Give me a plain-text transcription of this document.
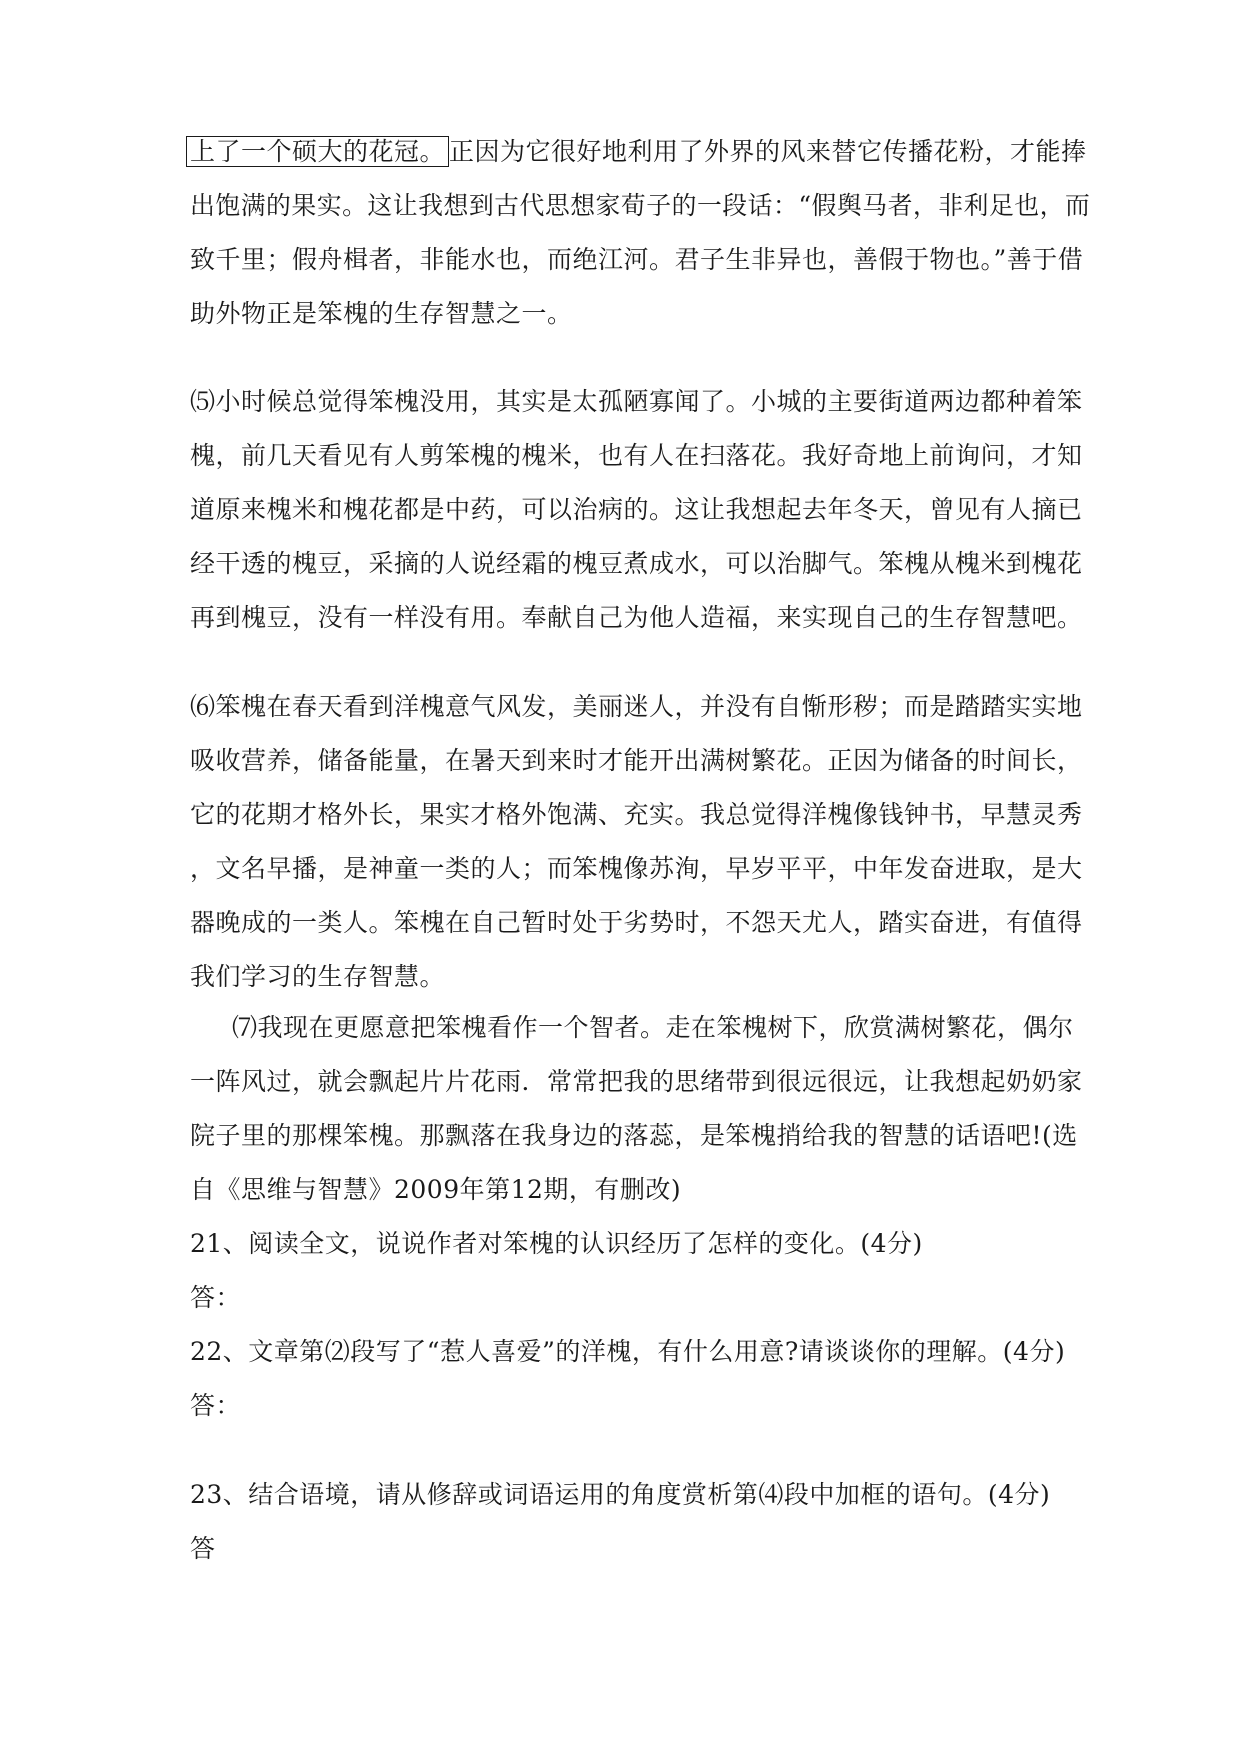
上了一个硕大的花冠。 正因为它很好地利用了外界的风来替它传播花粉，才能捧
出饱满的果实。这让我想到古代思想家荀子的一段话：“假舆马者，非利足也，而
致千里；假舟楫者，非能水也，而绝江河。君子生非异也，善假于物也。”善于借
助外物正是笨槐的生存智慧之一。
⑸小时候总觉得笨槐没用，其实是太孤陋寡闻了。小城的主要街道两边都种着笨
槐，前几天看见有人剪笨槐的槐米，也有人在扫落花。我好奇地上前询问，才知
道原来槐米和槐花都是中药，可以治病的。这让我想起去年冬天，曾见有人摘已
经干透的槐豆，采摘的人说经霜的槐豆煮成水，可以治脚气。笨槐从槐米到槐花
再到槐豆，没有一样没有用。奉献自己为他人造福，来实现自己的生存智慧吧。
⑹笨槐在春天看到洋槐意气风发，美丽迷人，并没有自惭形秽；而是踏踏实实地
吸收营养，储备能量，在暑天到来时才能开出满树繁花。正因为储备的时间长，
它的花期才格外长，果实才格外饱满、充实。我总觉得洋槐像钱钟书，早慧灵秀
，文名早播，是神童一类的人；而笨槐像苏洵，早岁平平，中年发奋进取，是大
器晚成的一类人。笨槐在自己暂时处于劣势时，不怨天尤人，踏实奋进，有值得
我们学习的生存智慧。
⑺我现在更愿意把笨槐看作一个智者。走在笨槐树下，欣赏满树繁花，偶尔
一阵风过，就会飘起片片花雨．常常把我的思绪带到很远很远，让我想起奶奶家
院子里的那棵笨槐。那飘落在我身边的落蕊，是笨槐捎给我的智慧的话语吧!(选
自《思维与智慧》2009年第12期，有删改)
21、阅读全文，说说作者对笨槐的认识经历了怎样的变化。(4分)
答：
22、文章第⑵段写了“惹人喜爱”的洋槐，有什么用意?请谈谈你的理解。(4分)
答：
23、结合语境，请从修辞或词语运用的角度赏析第⑷段中加框的语句。(4分)
答
